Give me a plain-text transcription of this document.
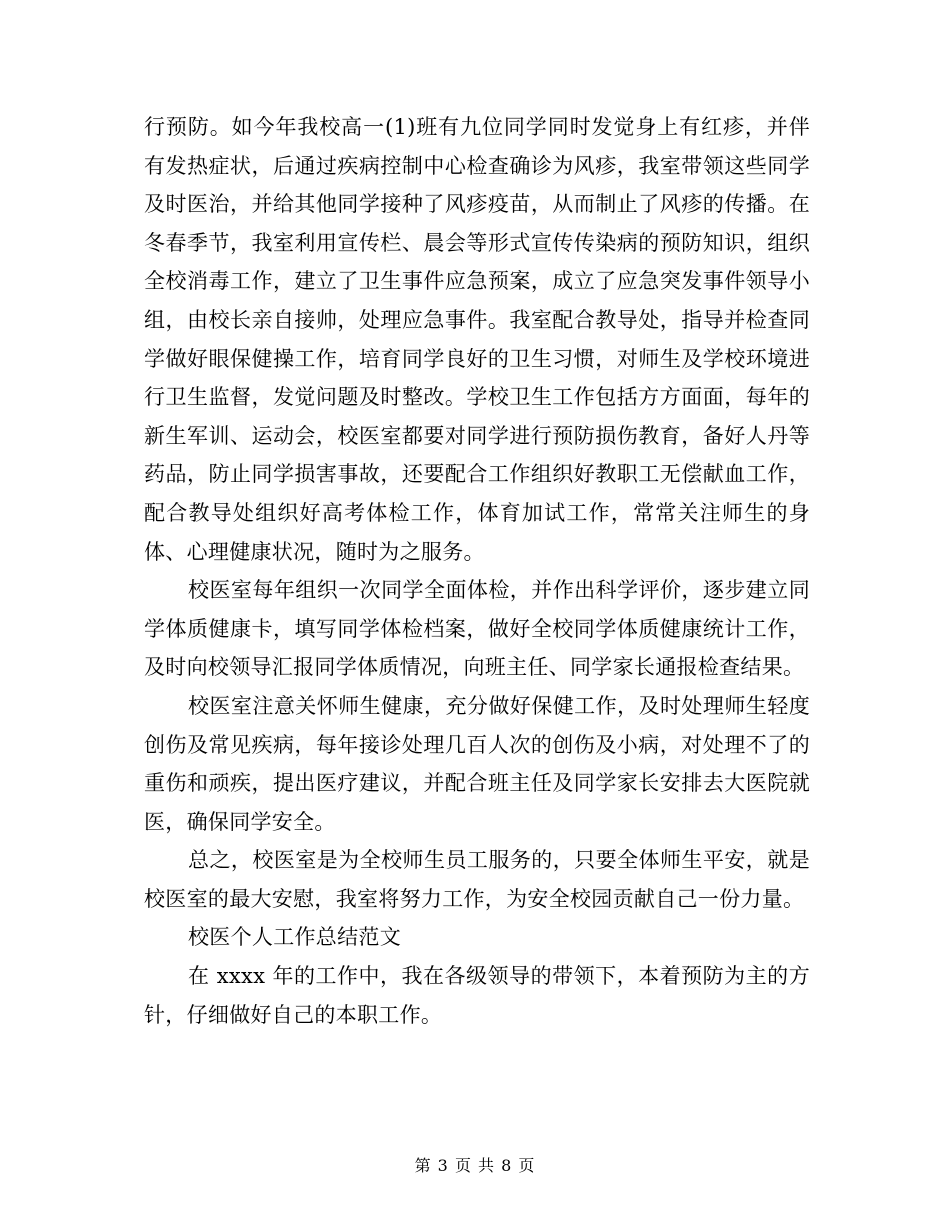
行预防。如今年我校高一(1)班有九位同学同时发觉身上有红疹，并伴有发热症状，后通过疾病控制中心检查确诊为风疹，我室带领这些同学及时医治，并给其他同学接种了风疹疫苗，从而制止了风疹的传播。在冬春季节，我室利用宣传栏、晨会等形式宣传传染病的预防知识，组织全校消毒工作，建立了卫生事件应急预案，成立了应急突发事件领导小组，由校长亲自接帅，处理应急事件。我室配合教导处，指导并检查同学做好眼保健操工作，培育同学良好的卫生习惯，对师生及学校环境进行卫生监督，发觉问题及时整改。学校卫生工作包括方方面面，每年的新生军训、运动会，校医室都要对同学进行预防损伤教育，备好人丹等药品，防止同学损害事故，还要配合工作组织好教职工无偿献血工作，配合教导处组织好高考体检工作，体育加试工作，常常关注师生的身体、心理健康状况，随时为之服务。

校医室每年组织一次同学全面体检，并作出科学评价，逐步建立同学体质健康卡，填写同学体检档案，做好全校同学体质健康统计工作，及时向校领导汇报同学体质情况，向班主任、同学家长通报检查结果。

校医室注意关怀师生健康，充分做好保健工作，及时处理师生轻度创伤及常见疾病，每年接诊处理几百人次的创伤及小病，对处理不了的重伤和顽疾，提出医疗建议，并配合班主任及同学家长安排去大医院就医，确保同学安全。

总之，校医室是为全校师生员工服务的，只要全体师生平安，就是校医室的最大安慰，我室将努力工作，为安全校园贡献自己一份力量。

校医个人工作总结范文

在 xxxx 年的工作中，我在各级领导的带领下，本着预防为主的方针，仔细做好自己的本职工作。

第 3 页 共 8 页
